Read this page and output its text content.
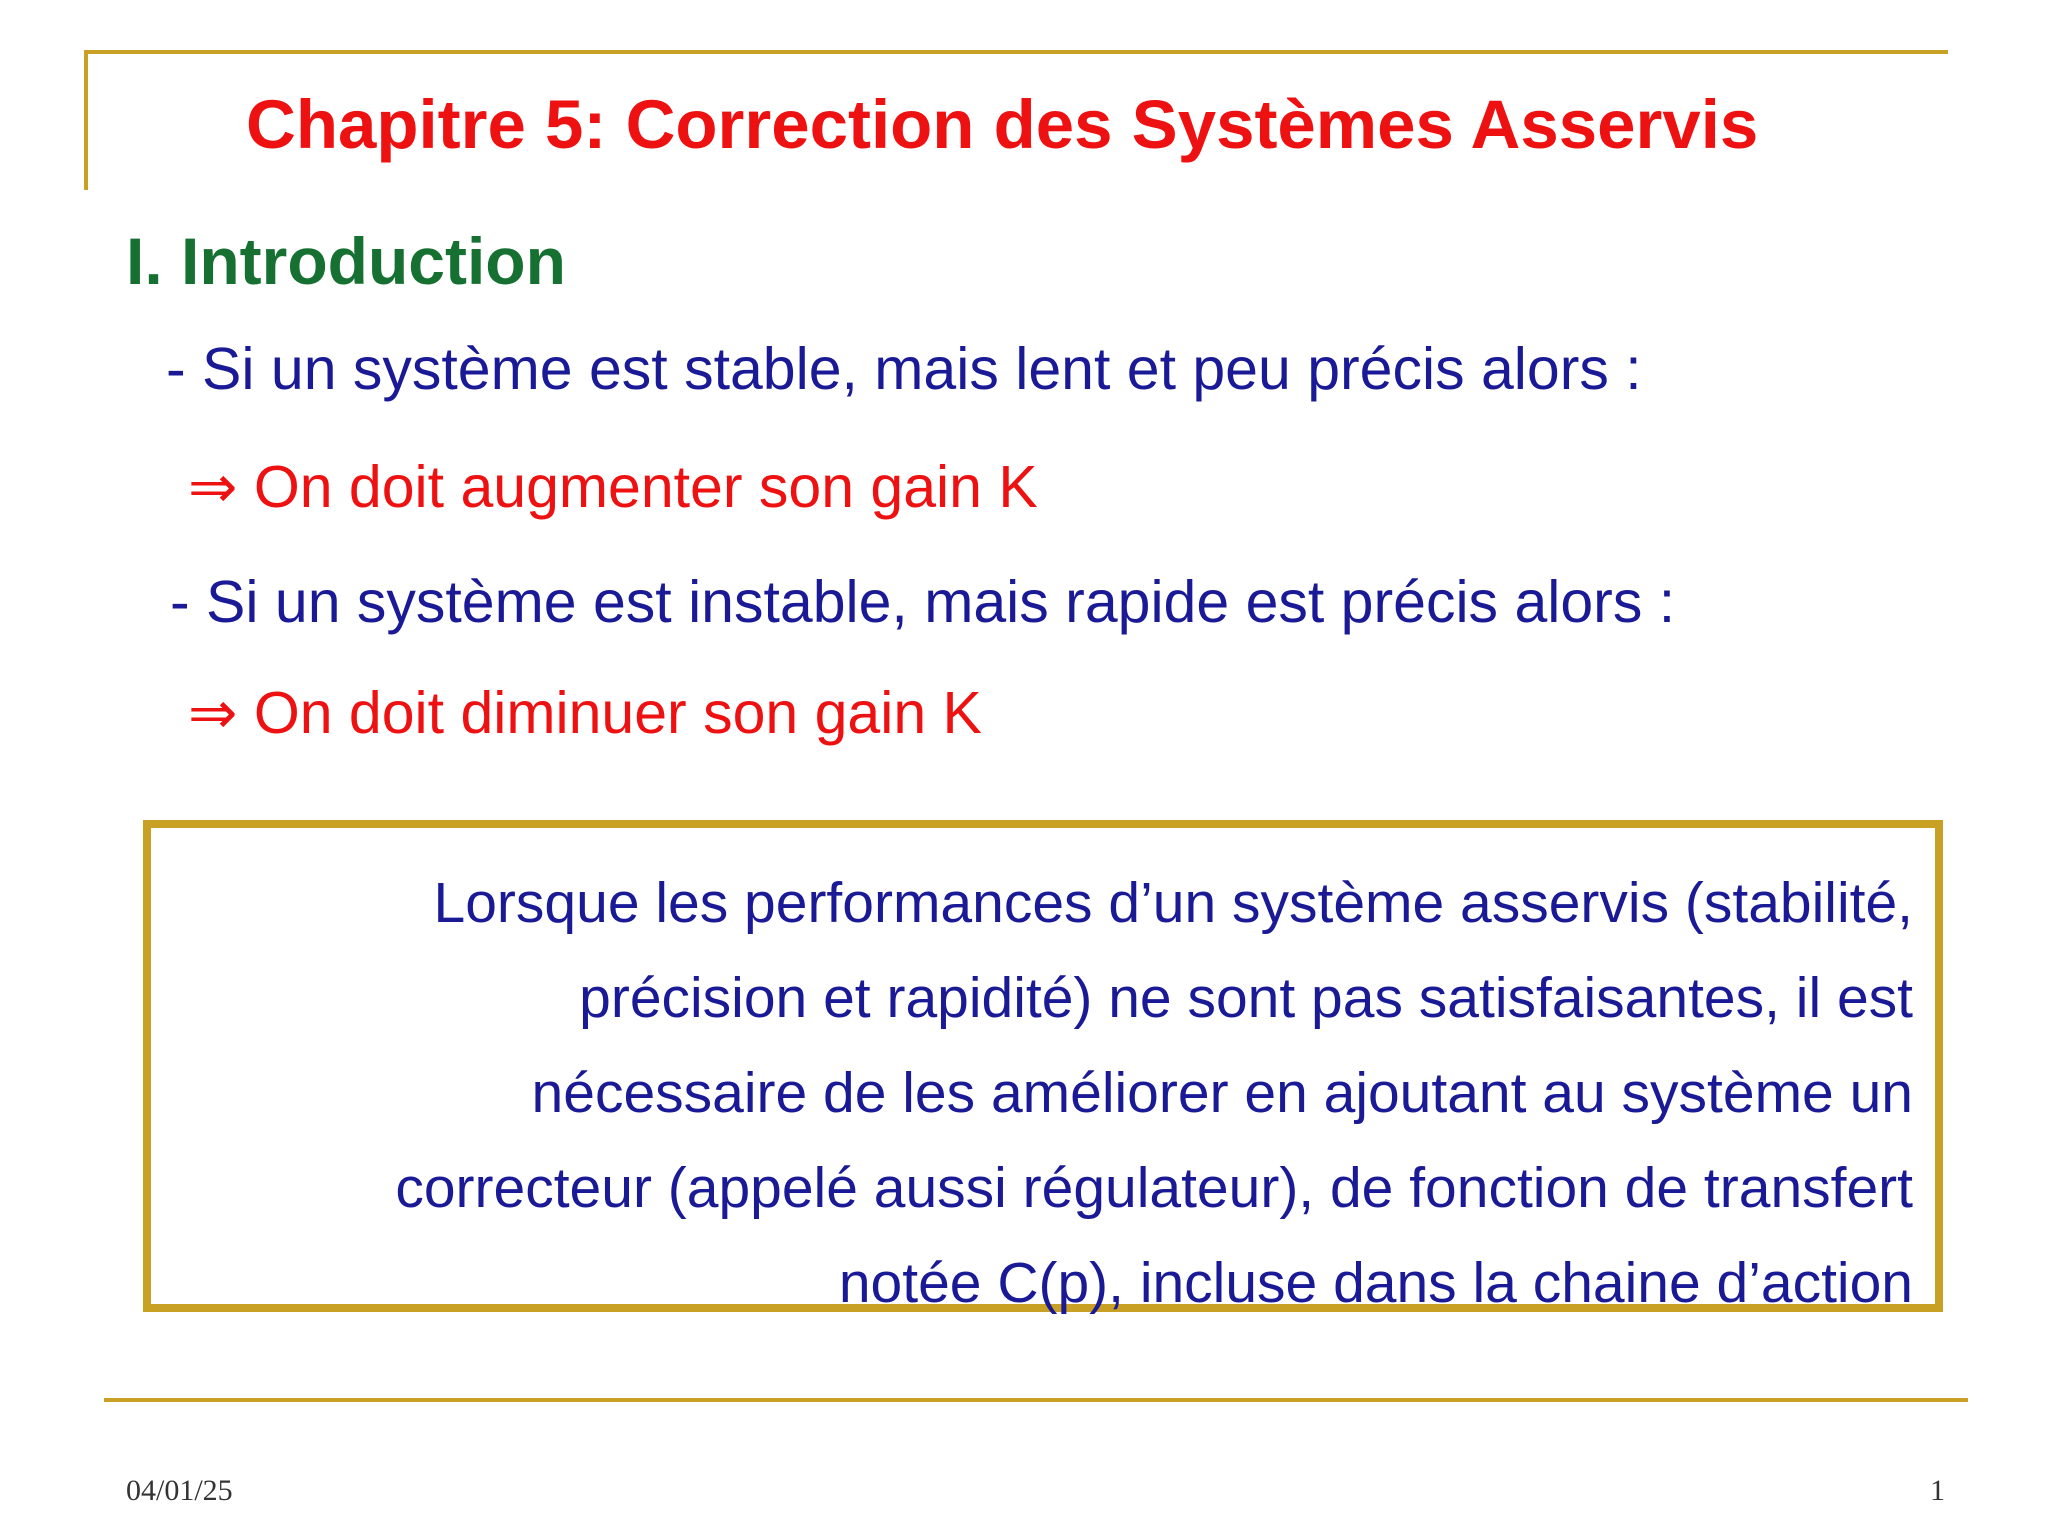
Chapitre 5: Correction des Systèmes Asservis
I. Introduction
- Si un système est stable, mais lent et peu précis alors :
⇒ On doit augmenter son gain K
- Si un système est instable, mais rapide est précis alors :
⇒ On doit diminuer son gain K
Lorsque les performances d’un système asservis (stabilité,
précision et rapidité) ne sont pas satisfaisantes, il est
nécessaire de les améliorer en ajoutant au système un
correcteur (appelé aussi régulateur), de fonction de transfert
notée C(p), incluse dans la chaine d’action
04/01/25	1
